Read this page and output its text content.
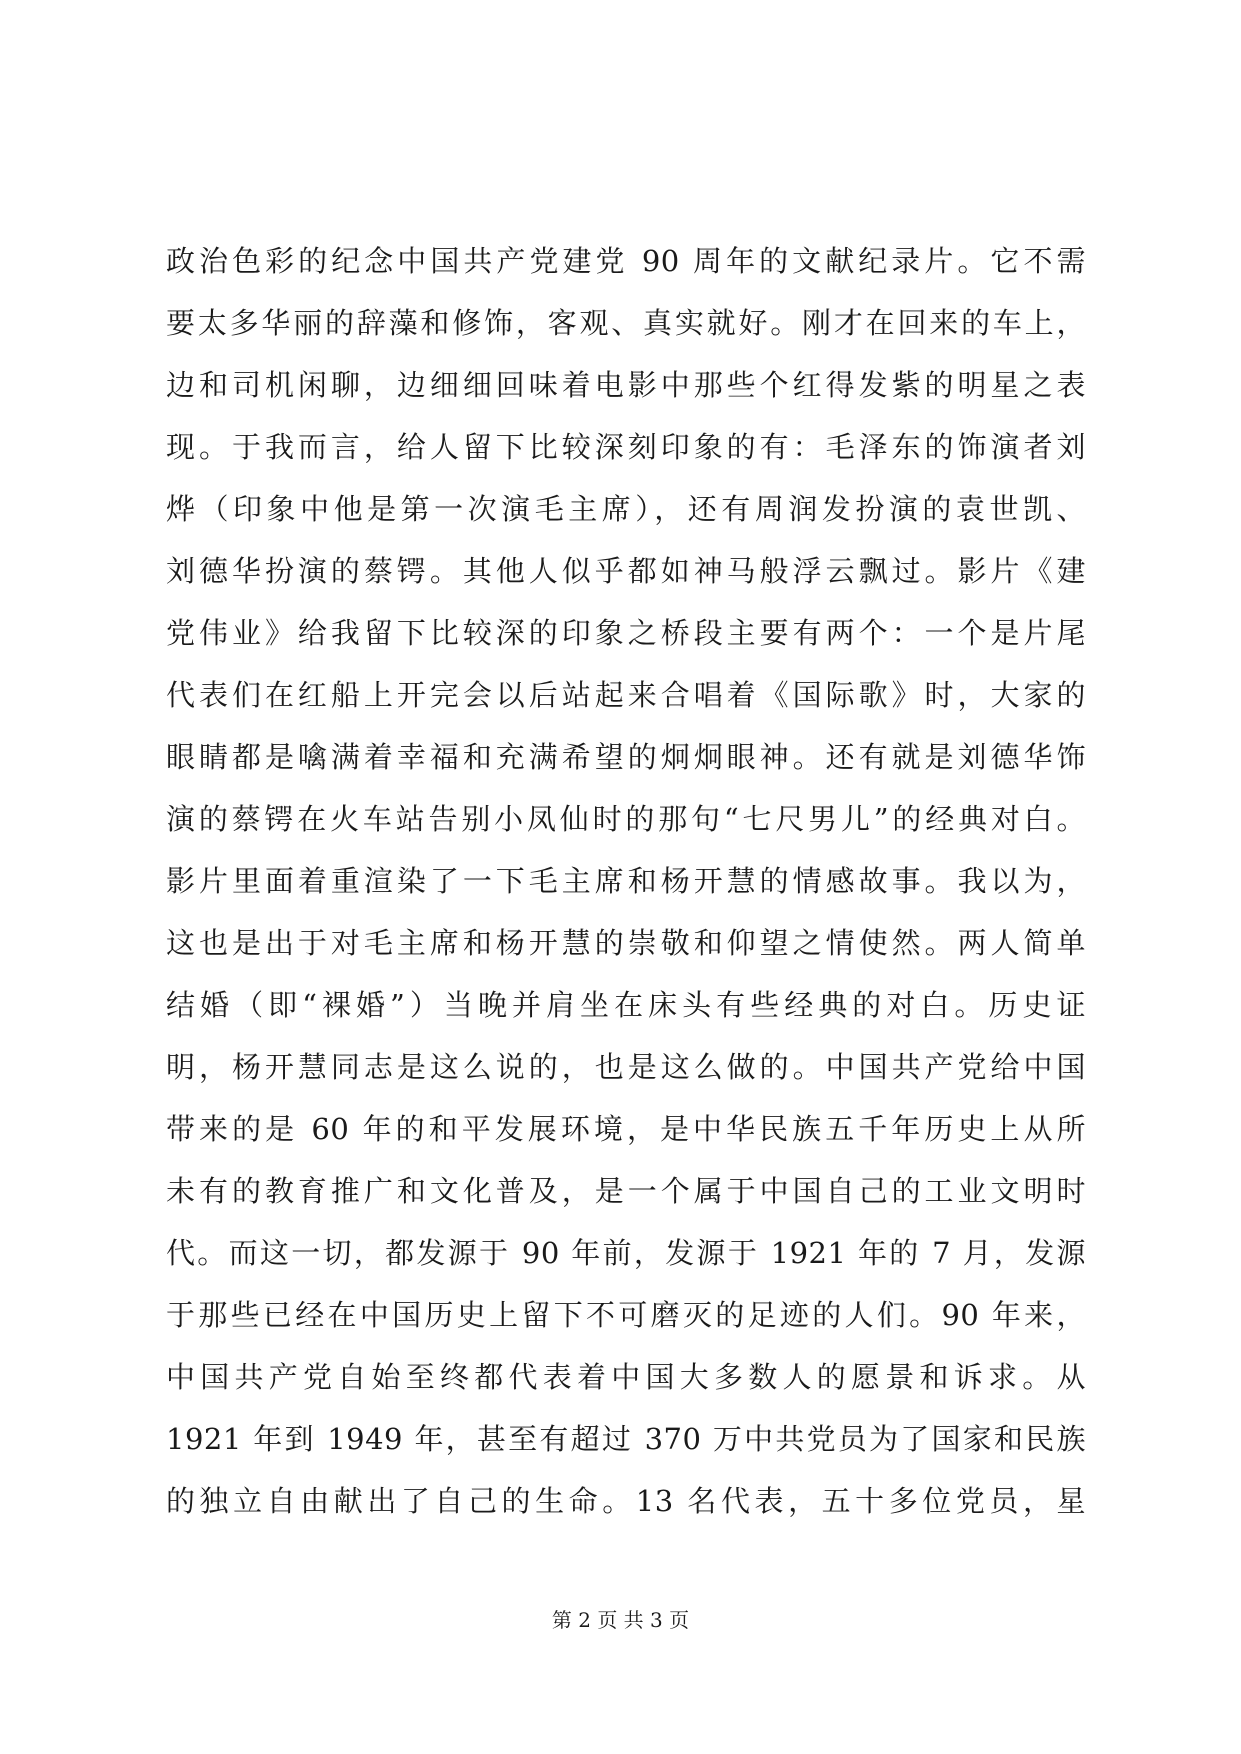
政治色彩的纪念中国共产党建党 90 周年的文献纪录片。它不需
要太多华丽的辞藻和修饰，客观、真实就好。刚才在回来的车上，
边和司机闲聊，边细细回味着电影中那些个红得发紫的明星之表
现。于我而言，给人留下比较深刻印象的有：毛泽东的饰演者刘
烨（印象中他是第一次演毛主席），还有周润发扮演的袁世凯、
刘德华扮演的蔡锷。其他人似乎都如神马般浮云飘过。影片《建
党伟业》给我留下比较深的印象之桥段主要有两个：一个是片尾
代表们在红船上开完会以后站起来合唱着《国际歌》时，大家的
眼睛都是噙满着幸福和充满希望的炯炯眼神。还有就是刘德华饰
演的蔡锷在火车站告别小凤仙时的那句“七尺男儿”的经典对白。
影片里面着重渲染了一下毛主席和杨开慧的情感故事。我以为，
这也是出于对毛主席和杨开慧的崇敬和仰望之情使然。两人简单
结婚（即“裸婚”）当晚并肩坐在床头有些经典的对白。历史证
明，杨开慧同志是这么说的，也是这么做的。中国共产党给中国
带来的是 60 年的和平发展环境，是中华民族五千年历史上从所
未有的教育推广和文化普及，是一个属于中国自己的工业文明时
代。而这一切，都发源于 90 年前，发源于 1921 年的 7 月，发源
于那些已经在中国历史上留下不可磨灭的足迹的人们。90 年来，
中国共产党自始至终都代表着中国大多数人的愿景和诉求。从
1921 年到 1949 年，甚至有超过 370 万中共党员为了国家和民族
的独立自由献出了自己的生命。13 名代表，五十多位党员，星
第 2 页 共 3 页
